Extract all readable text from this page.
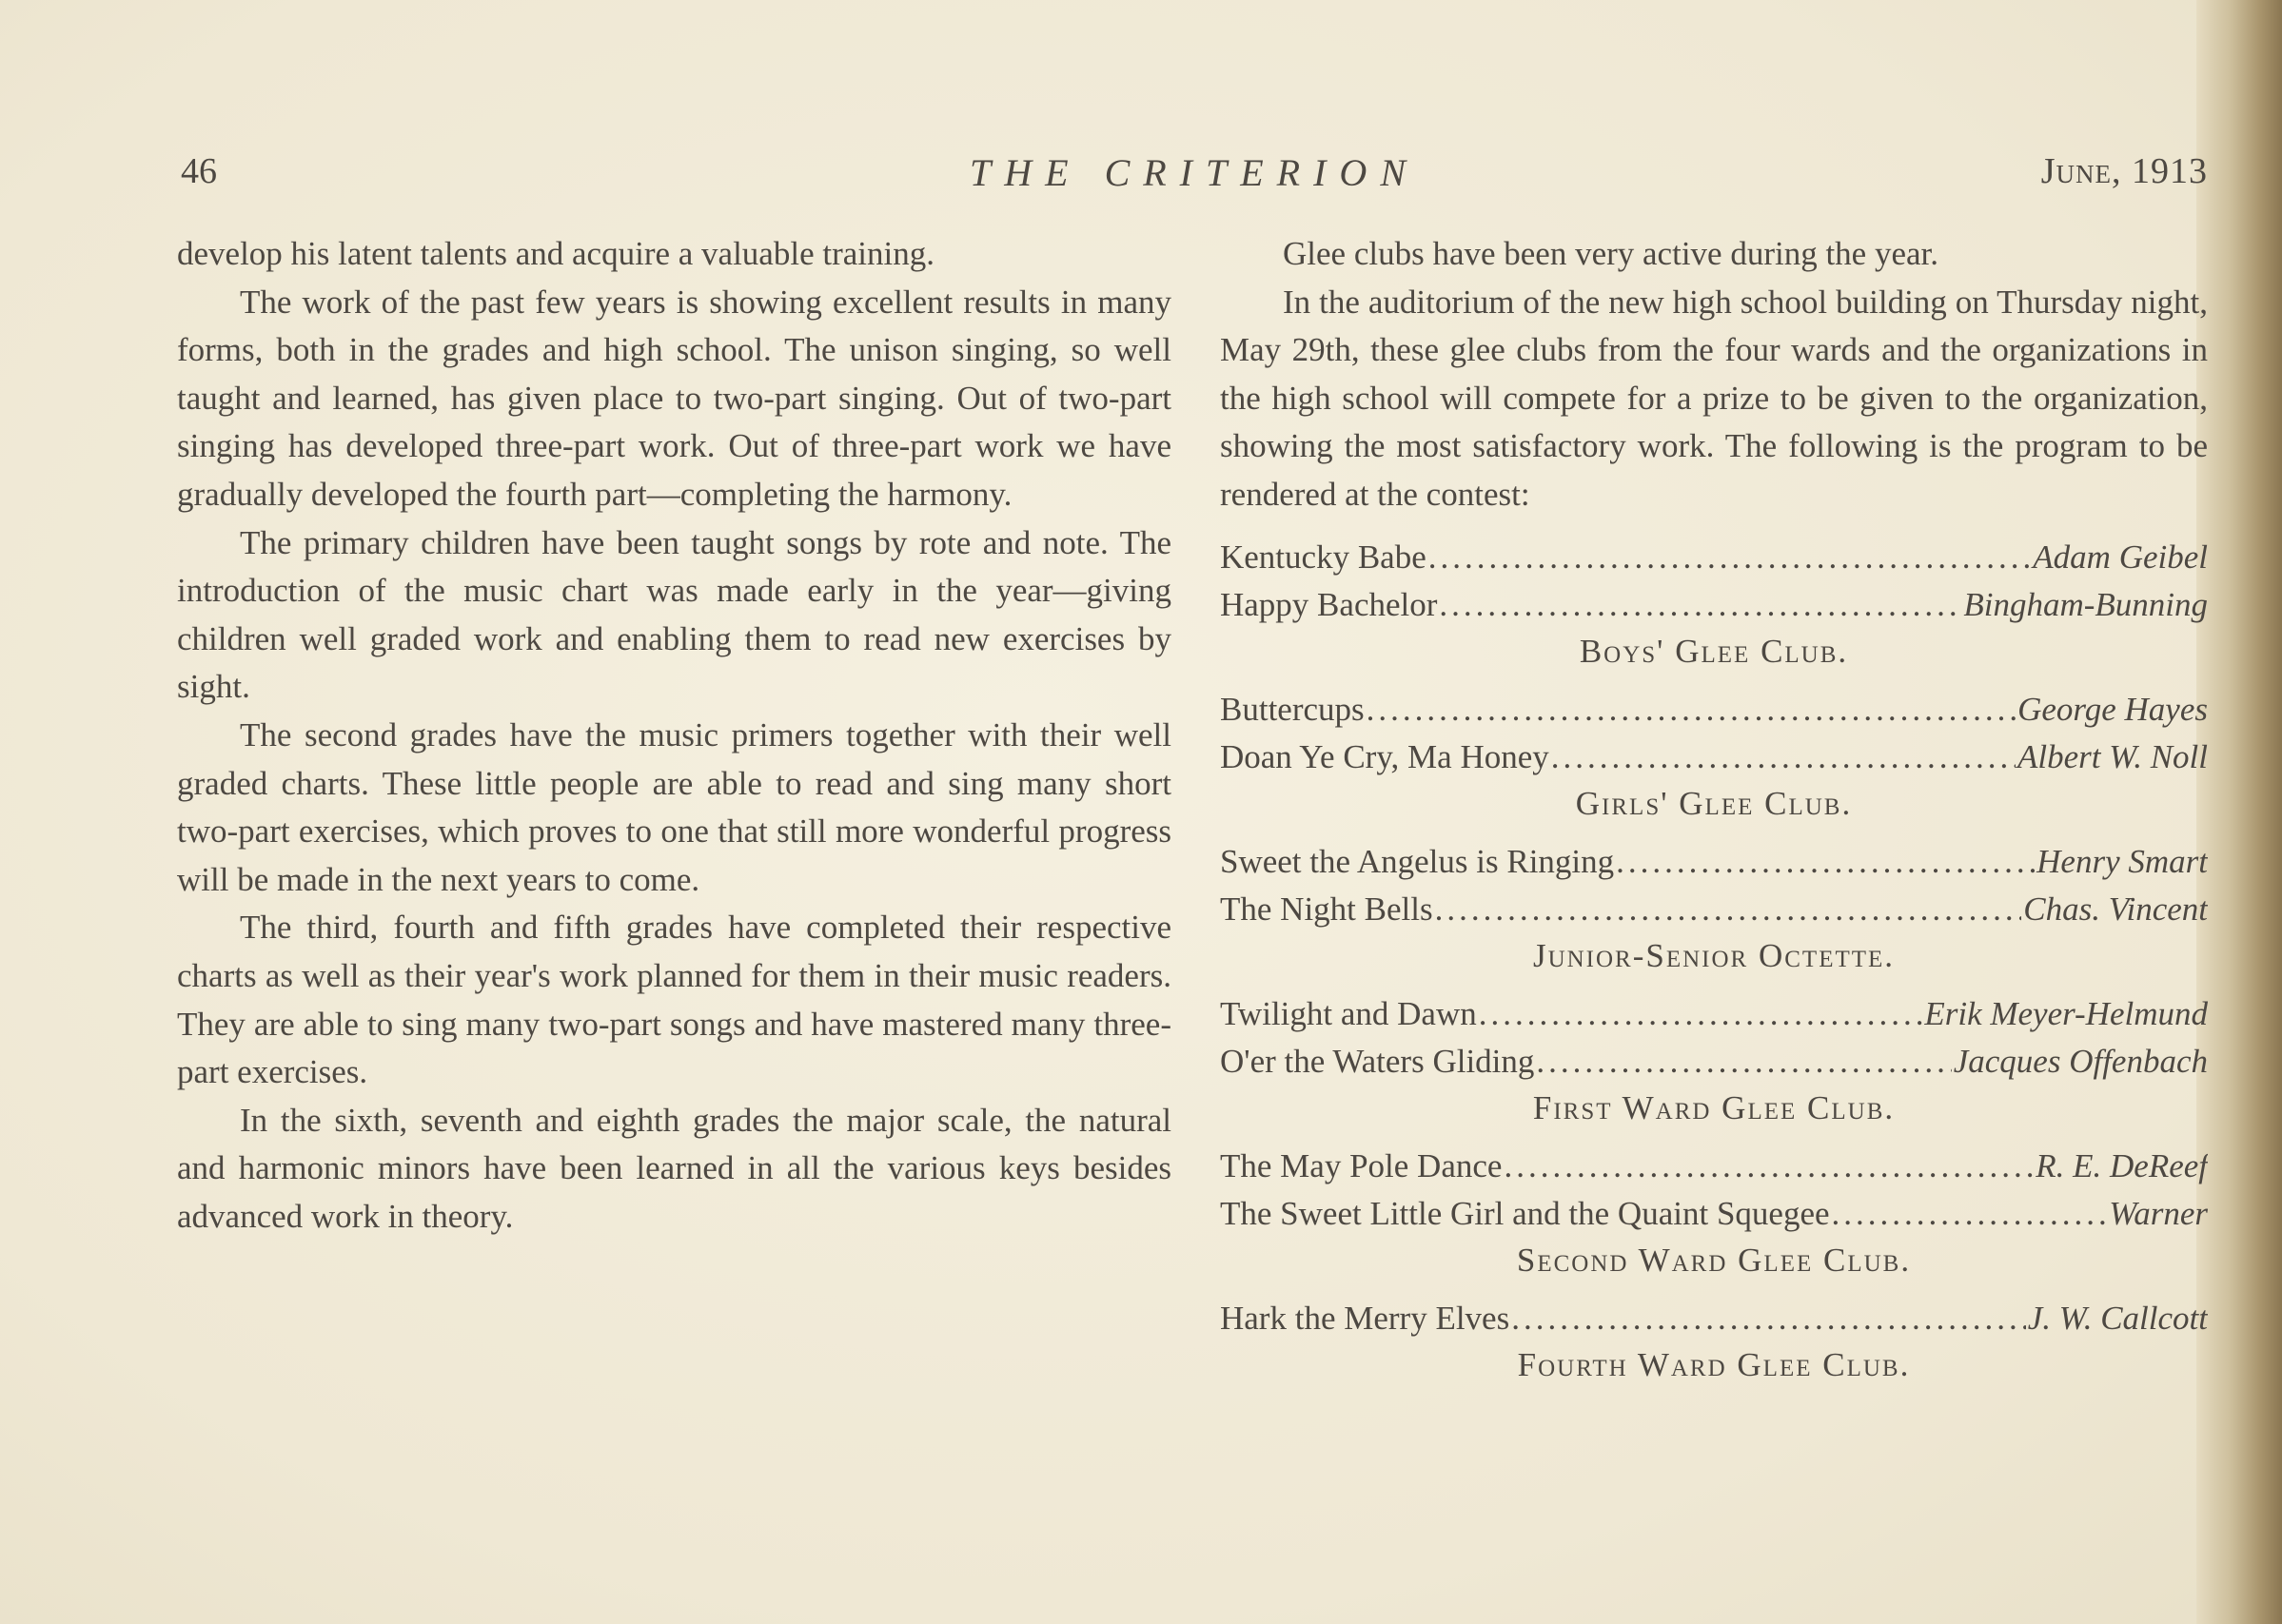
46	THE CRITERION	June, 1913

develop his latent talents and acquire a valuable training.

The work of the past few years is showing excellent results in many forms, both in the grades and high school. The unison singing, so well taught and learned, has given place to two-part singing. Out of two-part singing has developed three-part work. Out of three-part work we have gradually developed the fourth part—completing the harmony.

The primary children have been taught songs by rote and note. The introduction of the music chart was made early in the year—giving children well graded work and enabling them to read new exercises by sight.

The second grades have the music primers together with their well graded charts. These little people are able to read and sing many short two-part exercises, which proves to one that still more wonderful progress will be made in the next years to come.

The third, fourth and fifth grades have completed their respective charts as well as their year's work planned for them in their music readers. They are able to sing many two-part songs and have mastered many three-part exercises.

In the sixth, seventh and eighth grades the major scale, the natural and harmonic minors have been learned in all the various keys besides advanced work in theory.

Glee clubs have been very active during the year.

In the auditorium of the new high school building on Thursday night, May 29th, these glee clubs from the four wards and the organizations in the high school will compete for a prize to be given to the organization, showing the most satisfactory work. The following is the program to be rendered at the contest:

Kentucky Babe .....	Adam Geibel
Happy Bachelor .....	Bingham-Bunning
Boys' Glee Club.
Buttercups .....	George Hayes
Doan Ye Cry, Ma Honey .....	Albert W. Noll
Girls' Glee Club.
Sweet the Angelus is Ringing .....	Henry Smart
The Night Bells .....	Chas. Vincent
Junior-Senior Octette.
Twilight and Dawn .....	Erik Meyer-Helmund
O'er the Waters Gliding .....	Jacques Offenbach
First Ward Glee Club.
The May Pole Dance .....	R. E. DeReef
The Sweet Little Girl and the Quaint Squegee .....	Warner
Second Ward Glee Club.
Hark the Merry Elves .....	J. W. Callcott
Fourth Ward Glee Club.
